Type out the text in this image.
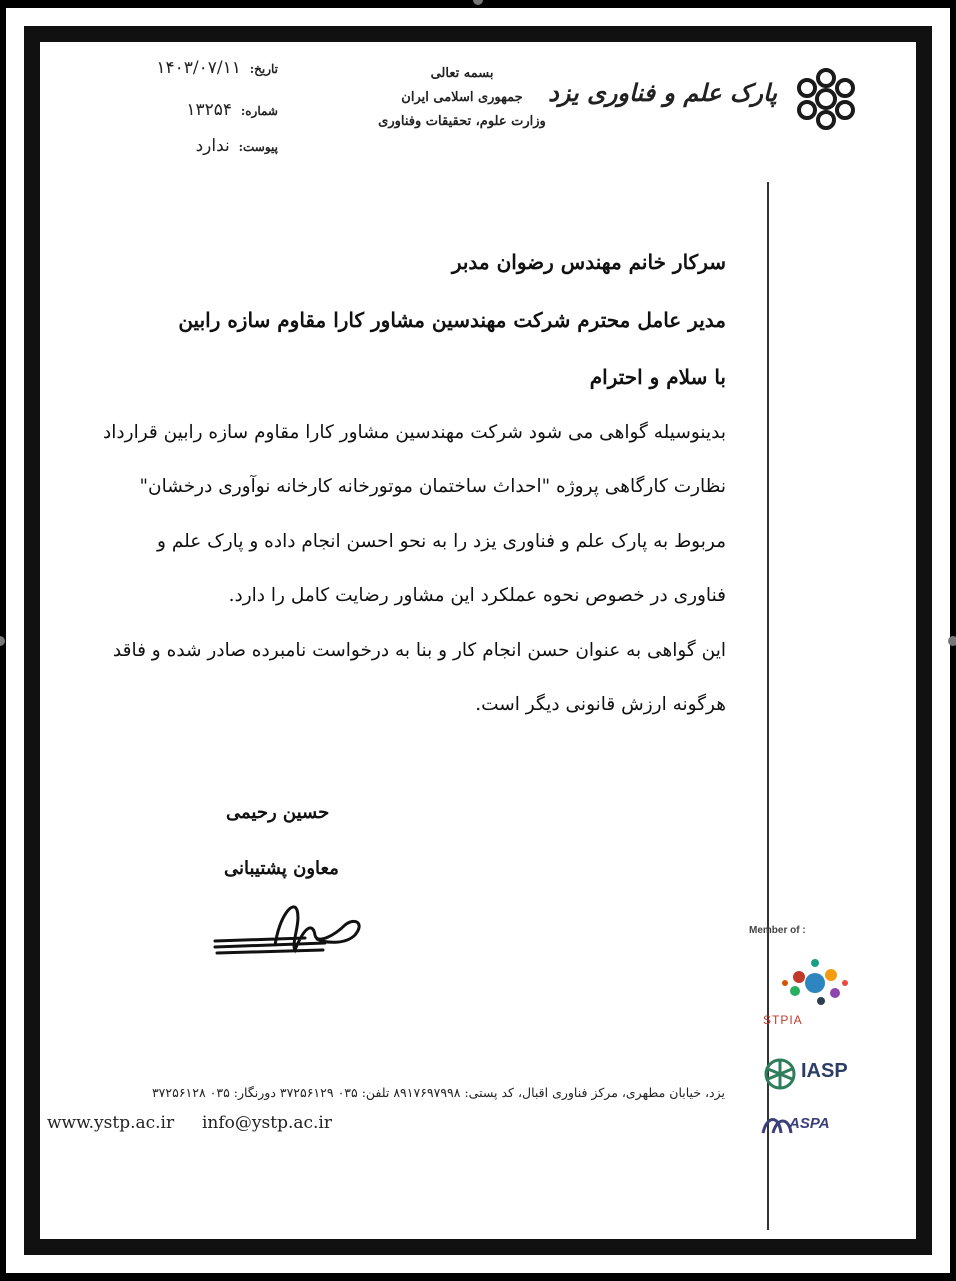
تاریخ: ۱۴۰۳/۰۷/۱۱
شماره: ۱۳۲۵۴
پیوست: ندارد
بسمه تعالی
جمهوری اسلامی ایران
وزارت علوم، تحقیقات وفناوری
پارک علم و فناوری یزد
سرکار خانم مهندس رضوان مدبر
مدیر عامل محترم شرکت مهندسین مشاور کارا مقاوم سازه رابین
با سلام و احترام
بدینوسیله گواهی می شود شرکت مهندسین مشاور کارا مقاوم سازه رابین قرارداد
نظارت کارگاهی پروژه "احداث ساختمان موتورخانه کارخانه نوآوری درخشان"
مربوط به پارک علم و فناوری یزد را به نحو احسن انجام داده و پارک علم و
فناوری در خصوص نحوه عملکرد این مشاور رضایت کامل را دارد.
این گواهی به عنوان حسن انجام کار و بنا به درخواست نامبرده صادر شده و فاقد
هرگونه ارزش قانونی دیگر است.
حسین رحیمی
معاون پشتیبانی
Member of :
STPIA
IASP
ASPA
یزد، خیابان مطهری، مرکز فناوری اقبال، کد پستی: ۸۹۱۷۶۹۷۹۹۸ تلفن: ۰۳۵ ۳۷۲۵۶۱۲۹ دورنگار: ۰۳۵ ۳۷۲۵۶۱۲۸
www.ystp.ac.ir info@ystp.ac.ir
